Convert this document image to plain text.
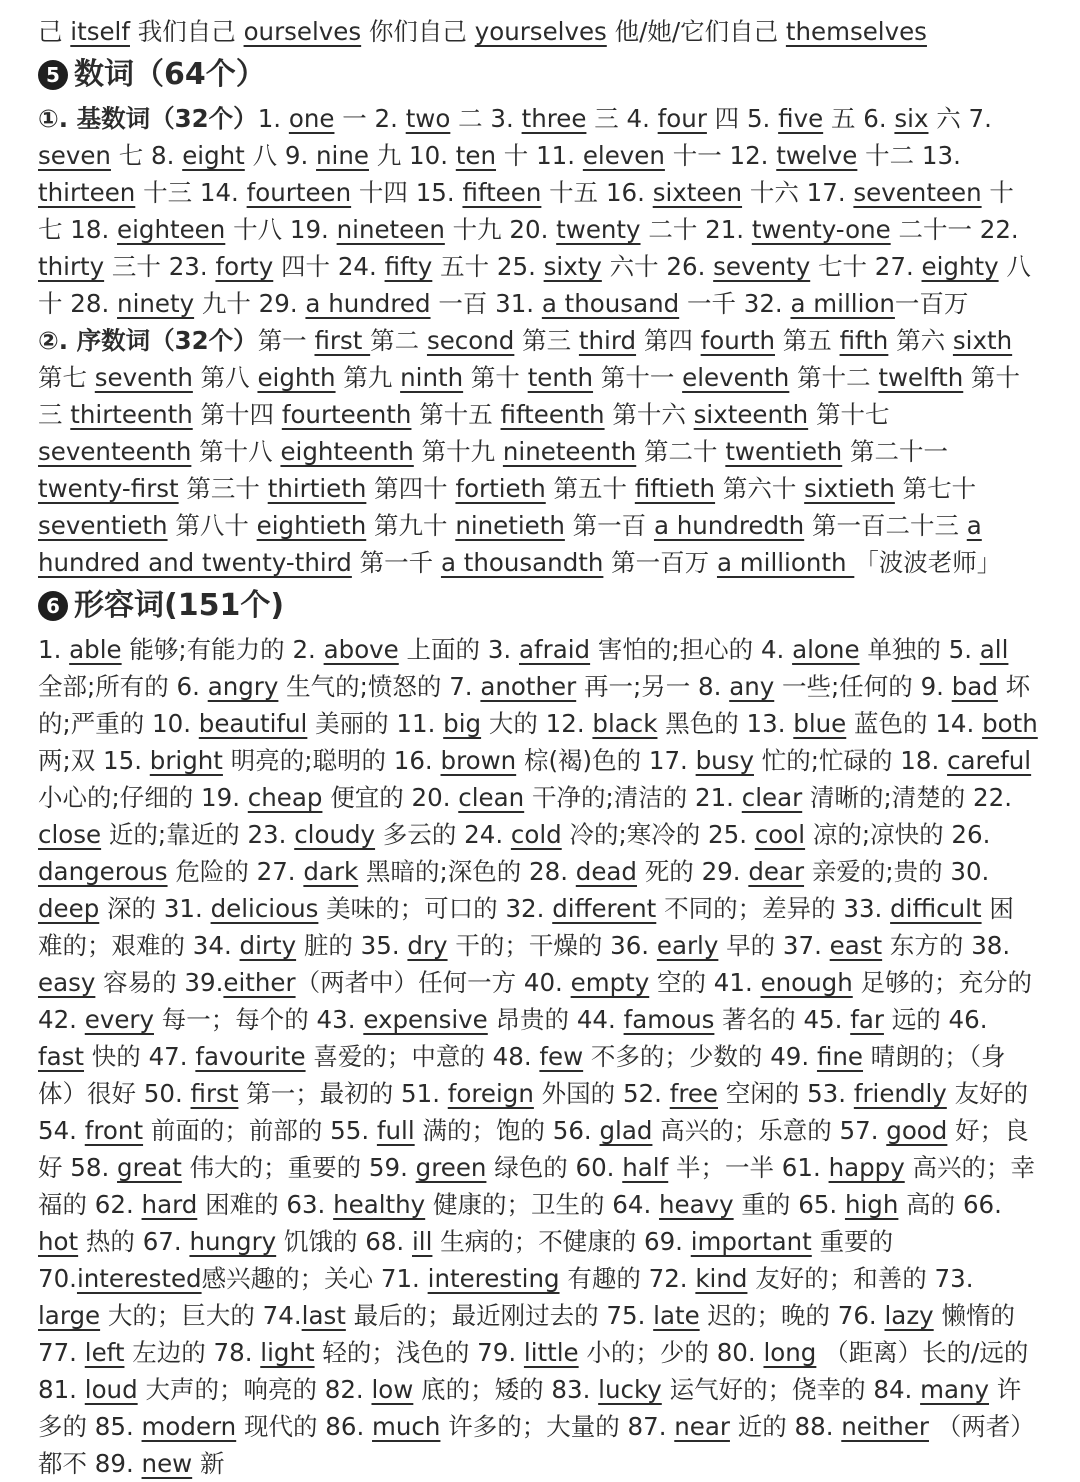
己 itself 我们自己 ourselves 你们自己 yourselves 他/她/它们自己 themselves

5 数词（64个）

①. 基数词（32个）1. one 一 2. two 二 3. three 三 4. four 四 5. five 五 6. six 六 7. seven 七 8. eight 八 9. nine 九 10. ten 十 11. eleven 十一 12. twelve 十二 13. thirteen 十三 14. fourteen 十四 15. fifteen 十五 16. sixteen 十六 17. seventeen 十七 18. eighteen 十八 19. nineteen 十九 20. twenty 二十 21. twenty-one 二十一 22. thirty 三十 23. forty 四十 24. fifty 五十 25. sixty 六十 26. seventy 七十 27. eighty 八十 28. ninety 九十 29. a hundred 一百 31. a thousand 一千 32. a million一百万

②. 序数词（32个）第一 first 第二 second 第三 third 第四 fourth 第五 fifth 第六 sixth 第七 seventh 第八 eighth 第九 ninth 第十 tenth 第十一 eleventh 第十二 twelfth 第十三 thirteenth 第十四 fourteenth 第十五 fifteenth 第十六 sixteenth 第十七 seventeenth 第十八 eighteenth 第十九 nineteenth 第二十 twentieth 第二十一 twenty-first 第三十 thirtieth 第四十 fortieth 第五十 fiftieth 第六十 sixtieth 第七十 seventieth 第八十 eightieth 第九十 ninetieth 第一百 a hundredth 第一百二十三 a hundred and twenty-third 第一千 a thousandth 第一百万 a millionth 「波波老师」

6 形容词(151个)

1. able 能够;有能力的 2. above 上面的 3. afraid 害怕的;担心的 4. alone 单独的 5. all 全部;所有的 6. angry 生气的;愤怒的 7. another 再一;另一 8. any 一些;任何的 9. bad 坏的;严重的 10. beautiful 美丽的 11. big 大的 12. black 黑色的 13. blue 蓝色的 14. both 两;双 15. bright 明亮的;聪明的 16. brown 棕(褐)色的 17. busy 忙的;忙碌的 18. careful 小心的;仔细的 19. cheap 便宜的 20. clean 干净的;清洁的 21. clear 清晰的;清楚的 22. close 近的;靠近的 23. cloudy 多云的 24. cold 冷的;寒冷的 25. cool 凉的;凉快的 26. dangerous 危险的 27. dark 黑暗的;深色的 28. dead 死的 29. dear 亲爱的;贵的 30. deep 深的 31. delicious 美味的；可口的 32. different 不同的；差异的 33. difficult 困难的；艰难的 34. dirty 脏的 35. dry 干的；干燥的 36. early 早的 37. east 东方的 38. easy 容易的 39.either（两者中）任何一方 40. empty 空的 41. enough 足够的；充分的 42. every 每一；每个的 43. expensive 昂贵的 44. famous 著名的 45. far 远的 46. fast 快的 47. favourite 喜爱的；中意的 48. few 不多的；少数的 49. fine 晴朗的；（身体）很好 50. first 第一；最初的 51. foreign 外国的 52. free 空闲的 53. friendly 友好的 54. front 前面的；前部的 55. full 满的；饱的 56. glad 高兴的；乐意的 57. good 好；良好 58. great 伟大的；重要的 59. green 绿色的 60. half 半；一半 61. happy 高兴的；幸福的 62. hard 困难的 63. healthy 健康的；卫生的 64. heavy 重的 65. high 高的 66. hot 热的 67. hungry 饥饿的 68. ill 生病的；不健康的 69. important 重要的 70.interested感兴趣的；关心 71. interesting 有趣的 72. kind 友好的；和善的 73. large 大的；巨大的 74.last 最后的；最近刚过去的 75. late 迟的；晚的 76. lazy 懒惰的 77. left 左边的 78. light 轻的；浅色的 79. little 小的；少的 80. long （距离）长的/远的 81. loud 大声的；响亮的 82. low 底的；矮的 83. lucky 运气好的；侥幸的 84. many 许多的 85. modern 现代的 86. much 许多的；大量的 87. near 近的 88. neither （两者）都不 89. new 新
